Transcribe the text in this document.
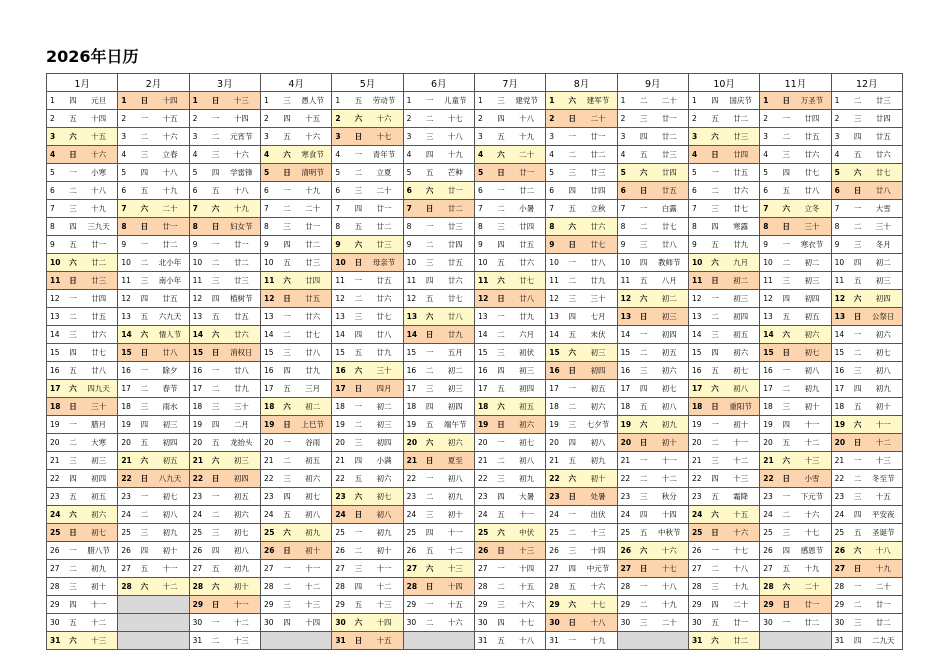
2026年日历
1月	2月	3月	4月	5月	6月	7月	8月	9月	10月	11月	12月

1 四 元旦	1 日 十四	1 日 十三	1 三 愚人节	1 五 劳动节	1 一 儿童节	1 三 建党节	1 六 建军节	1 二 二十	1 四 国庆节	1 日 万圣节	1 二 廿三

2 五 十四	2 一 十五	2 一 十四	2 四 十五	2 六 十六	2 二 十七	2 四 十八	2 日 二十	2 三 廿一	2 五 廿二	2 一 廿四	2 三 廿四

3 六 十五	3 二 十六	3 二 元宵节	3 五 十六	3 日 十七	3 三 十八	3 五 十九	3 一 廿一	3 四 廿二	3 六 廿三	3 二 廿五	3 四 廿五

4 日 十六	4 三 立春	4 三 十六	4 六 寒食节	4 一 青年节	4 四 十九	4 六 二十	4 二 廿二	4 五 廿三	4 日 廿四	4 三 廿六	4 五 廿六

5 一 小寒	5 四 十八	5 四 学雷锋	5 日 清明节	5 二 立夏	5 五 芒种	5 日 廿一	5 三 廿三	5 六 廿四	5 一 廿五	5 四 廿七	5 六 廿七

6 二 十八	6 五 十九	6 五 十八	6 一 十九	6 三 二十	6 六 廿一	6 一 廿二	6 四 廿四	6 日 廿五	6 二 廿六	6 五 廿八	6 日 廿八

7 三 十九	7 六 二十	7 六 十九	7 二 二十	7 四 廿一	7 日 廿二	7 二 小暑	7 五 立秋	7 一 白露	7 三 廿七	7 六 立冬	7 一 大雪

8 四 三九天	8 日 廿一	8 日 妇女节	8 三 廿一	8 五 廿二	8 一 廿三	8 三 廿四	8 六 廿六	8 二 廿七	8 四 寒露	8 日 三十	8 二 三十

9 五 廿一	9 一 廿二	9 一 廿一	9 四 廿二	9 六 廿三	9 二 廿四	9 四 廿五	9 日 廿七	9 三 廿八	9 五 廿九	9 一 寒衣节	9 三 冬月

10 六 廿二	10 二 北小年	10 二 廿二	10 五 廿三	10 日 母亲节	10 三 廿五	10 五 廿六	10 一 廿八	10 四 教师节	10 六 九月	10 二 初二	10 四 初二

11 日 廿三	11 三 南小年	11 三 廿三	11 六 廿四	11 一 廿五	11 四 廿六	11 六 廿七	11 二 廿九	11 五 八月	11 日 初二	11 三 初三	11 五 初三

12 一 廿四	12 四 廿五	12 四 植树节	12 日 廿五	12 二 廿六	12 五 廿七	12 日 廿八	12 三 三十	12 六 初二	12 一 初三	12 四 初四	12 六 初四

13 二 廿五	13 五 六九天	13 五 廿五	13 一 廿六	13 三 廿七	13 六 廿八	13 一 廿九	13 四 七月	13 日 初三	13 二 初四	13 五 初五	13 日 公祭日

14 三 廿六	14 六 情人节	14 六 廿六	14 二 廿七	14 四 廿八	14 日 廿九	14 二 六月	14 五 末伏	14 一 初四	14 三 初五	14 六 初六	14 一 初六

15 四 廿七	15 日 廿八	15 日 消权日	15 三 廿八	15 五 廿九	15 一 五月	15 三 初伏	15 六 初三	15 二 初五	15 四 初六	15 日 初七	15 二 初七

16 五 廿八	16 一 除夕	16 一 廿八	16 四 廿九	16 六 三十	16 二 初二	16 四 初三	16 日 初四	16 三 初六	16 五 初七	16 一 初八	16 三 初八

17 六 四九天	17 二 春节	17 二 廿九	17 五 三月	17 日 四月	17 三 初三	17 五 初四	17 一 初五	17 四 初七	17 六 初八	17 二 初九	17 四 初九

18 日 三十	18 三 雨水	18 三 三十	18 六 初二	18 一 初二	18 四 初四	18 六 初五	18 二 初六	18 五 初八	18 日 重阳节	18 三 初十	18 五 初十

19 一 腊月	19 四 初三	19 四 二月	19 日 上巳节	19 二 初三	19 五 端午节	19 日 初六	19 三 七夕节	19 六 初九	19 一 初十	19 四 十一	19 六 十一

20 二 大寒	20 五 初四	20 五 龙抬头	20 一 谷雨	20 三 初四	20 六 初六	20 一 初七	20 四 初八	20 日 初十	20 二 十一	20 五 十二	20 日 十二

21 三 初三	21 六 初五	21 六 初三	21 二 初五	21 四 小满	21 日 夏至	21 二 初八	21 五 初九	21 一 十一	21 三 十二	21 六 十三	21 一 十三

22 四 初四	22 日 八九天	22 日 初四	22 三 初六	22 五 初六	22 一 初八	22 三 初九	22 六 初十	22 二 十二	22 四 十三	22 日 小雪	22 二 冬至节

23 五 初五	23 一 初七	23 一 初五	23 四 初七	23 六 初七	23 二 初九	23 四 大暑	23 日 处暑	23 三 秋分	23 五 霜降	23 一 下元节	23 三 十五

24 六 初六	24 二 初八	24 二 初六	24 五 初八	24 日 初八	24 三 初十	24 五 十一	24 一 出伏	24 四 十四	24 六 十五	24 二 十六	24 四 平安夜

25 日 初七	25 三 初九	25 三 初七	25 六 初九	25 一 初九	25 四 十一	25 六 中伏	25 二 十三	25 五 中秋节	25 日 十六	25 三 十七	25 五 圣诞节

26 一 腊八节	26 四 初十	26 四 初八	26 日 初十	26 二 初十	26 五 十二	26 日 十三	26 三 十四	26 六 十六	26 一 十七	26 四 感恩节	26 六 十八

27 二 初九	27 五 十一	27 五 初九	27 一 十一	27 三 十一	27 六 十三	27 一 十四	27 四 中元节	27 日 十七	27 二 十八	27 五 十九	27 日 十九

28 三 初十	28 六 十二	28 六 初十	28 二 十二	28 四 十二	28 日 十四	28 二 十五	28 五 十六	28 一 十八	28 三 十九	28 六 二十	28 一 二十

29 四 十一		29 日 十一	29 三 十三	29 五 十三	29 一 十五	29 三 十六	29 六 十七	29 二 十九	29 四 二十	29 日 廿一	29 二 廿一

30 五 十二		30 一 十二	30 四 十四	30 六 十四	30 二 十六	30 四 十七	30 日 十八	30 三 二十	30 五 廿一	30 一 廿二	30 三 廿二

31 六 十三		31 二 十三		31 日 十五		31 五 十八	31 一 十九		31 六 廿二		31 四 二九天
